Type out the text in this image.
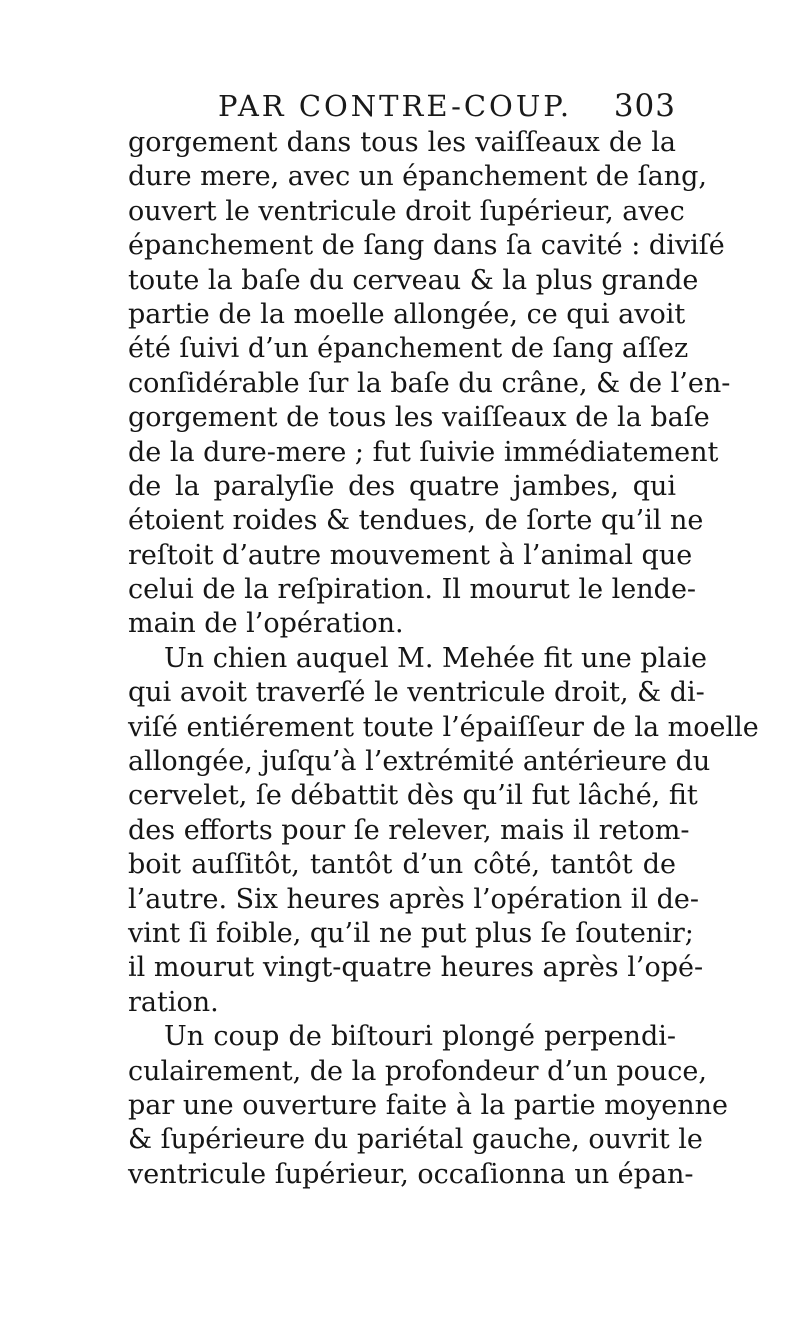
PAR CONTRE-COUP. 303
gorgement dans tous les vaiſſeaux de la
dure mere, avec un épanchement de ſang,
ouvert le ventricule droit ſupérieur, avec
épanchement de ſang dans ſa cavité : diviſé
toute la baſe du cerveau & la plus grande
partie de la moelle allongée, ce qui avoit
été ſuivi d’un épanchement de ſang aſſez
conſidérable ſur la baſe du crâne, & de l’en-
gorgement de tous les vaiſſeaux de la baſe
de la dure-mere ; fut ſuivie immédiatement
de la paralyſie des quatre jambes, qui
étoient roides & tendues, de ſorte qu’il ne
reſtoit d’autre mouvement à l’animal que
celui de la reſpiration. Il mourut le lende-
main de l’opération.
Un chien auquel M. Mehée fit une plaie
qui avoit traverſé le ventricule droit, & di-
viſé entiérement toute l’épaiſſeur de la moelle
allongée, juſqu’à l’extrémité antérieure du
cervelet, ſe débattit dès qu’il fut lâché, fit
des efforts pour ſe relever, mais il retom-
boit auſſitôt, tantôt d’un côté, tantôt de
l’autre. Six heures après l’opération il de-
vint ſi foible, qu’il ne put plus ſe ſoutenir;
il mourut vingt-quatre heures après l’opé-
ration.
Un coup de biſtouri plongé perpendi-
culairement, de la profondeur d’un pouce,
par une ouverture faite à la partie moyenne
& ſupérieure du pariétal gauche, ouvrit le
ventricule ſupérieur, occaſionna un épan-
